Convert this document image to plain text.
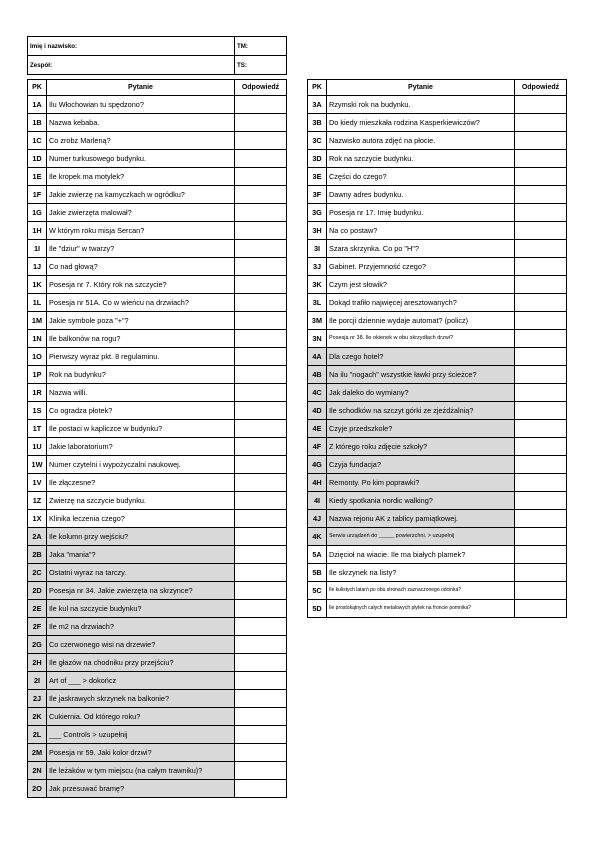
Imię i nazwisko:	TM:
Zespół:	TS:
PK	Pytanie	Odpowiedź
1A	Ilu Włochowian tu spędzono?	
1B	Nazwa kebaba.	
1C	Co zrobz Marleną?	
1D	Numer turkusowego budynku.	
1E	Ile kropek ma motylek?	
1F	Jakie zwierzę na kamyczkach w ogródku?	
1G	Jakie zwierzęta malował?	
1H	W którym roku misja Sercan?	
1I	Ile "dziur" w twarzy?	
1J	Co nad głową?	
1K	Posesja nr 7. Który rok na szczycie?	
1L	Posesja nr 51A. Co w wieńcu na drzwiach?	
1M	Jakie symbole poza "+"?	
1N	Ile balkonów na rogu?	
1O	Pierwszy wyraz pkt. 8 regulaminu.	
1P	Rok na budynku?	
1R	Nazwa willi.	
1S	Co ogradza płotek?	
1T	Ile postaci w kapliczce w budynku?	
1U	Jakie laboratorium?	
1W	Numer czytelni i wypożyczalni naukowej.	
1V	Ile złączesne?	
1Z	Zwierzę na szczycie budynku.	
1X	Klinika leczenia czego?	
2A	Ile kolumn przy wejściu?	
2B	Jaka "mania"?	
2C	Ostatni wyraz na tarczy.	
2D	Posesja nr 34. Jakie zwierzęta na skrzynce?	
2E	Ile kul na szczycie budynku?	
2F	Ile m2 na drzwiach?	
2G	Co czerwonego wisi na drzewie?	
2H	Ile głazów na chodniku przy przejściu?	
2I	Art of ___ > dokończ	
2J	Ile jaskrawych skrzynek na balkonie?	
2K	Cukiernia. Od którego roku?	
2L	___ Controls > uzupełnij	
2M	Posesja nr 59. Jaki kolor drzwi?	
2N	Ile leżaków w tym miejscu (na całym trawniku)?	
2O	Jak przesuwać bramę?	
PK	Pytanie	Odpowiedź
3A	Rzymski rok na budynku.	
3B	Do kiedy mieszkała rodzina Kasperkiewiczów?	
3C	Nazwisko autora zdjęć na płocie.	
3D	Rok na szczycie budynku.	
3E	Części do czego?	
3F	Dawny adres budynku.	
3G	Posesja nr 17. Imię budynku.	
3H	Na co postaw?	
3I	Szara skrzynka. Co po "H"?	
3J	Gabinet. Przyjemność czego?	
3K	Czym jest słowik?	
3L	Dokąd trafiło najwięcej aresztowanych?	
3M	Ile porcji dziennie wydaje automat? (policz)	
3N	Posesja nr 38. Ile okienek w obu skrzydłach drzwi?	
4A	Dla czego hotel?	
4B	Na ilu "nogach" wszystkie ławki przy ścieżce?	
4C	Jak daleko do wymiany?	
4D	Ile schodków na szczyt górki ze zjeżdżalnią?	
4E	Czyje przedszkole?	
4F	Z którego roku zdjęcie szkoły?	
4G	Czyja fundacja?	
4H	Remonty. Po kim poprawki?	
4I	Kiedy spotkania nordic walking?	
4J	Nazwa rejonu AK z tablicy pamiątkowej.	
4K	Serwis urządzeń do _____ powierzchni. > uzupełnij	
5A	Dzięcioł na wiacie. Ile ma białych plamek?	
5B	Ile skrzynek na listy?	
5C	Ile kulistych latarń po obu stronach zaznaczonego odcinka?	
5D	Ile prostokątnych całych metalowych płytek na froncie pomnika?	
